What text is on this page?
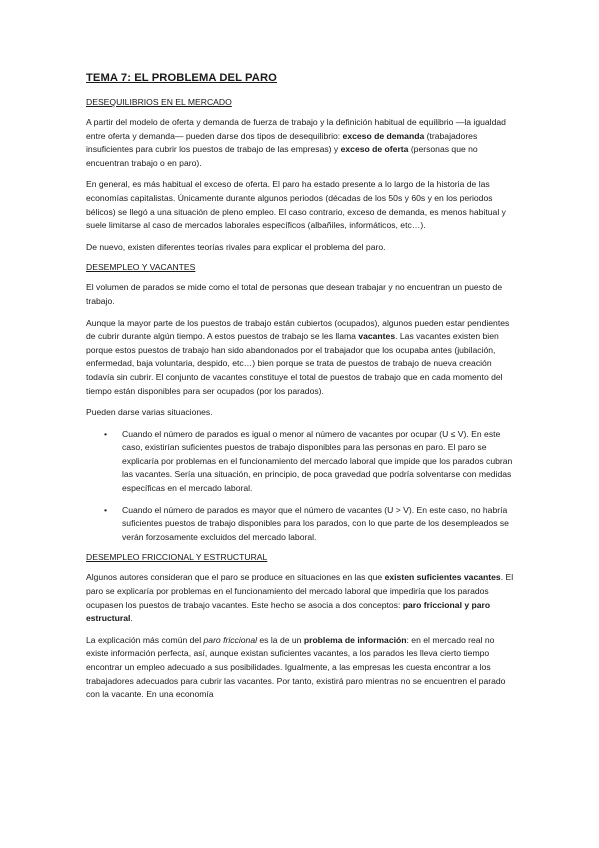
TEMA 7: EL PROBLEMA DEL PARO
DESEQUILIBRIOS EN EL MERCADO

A partir del modelo de oferta y demanda de fuerza de trabajo y la definición habitual de equilibrio —la igualdad entre oferta y demanda— pueden darse dos tipos de desequilibrio: exceso de demanda (trabajadores insuficientes para cubrir los puestos de trabajo de las empresas) y exceso de oferta (personas que no encuentran trabajo o en paro).

En general, es más habitual el exceso de oferta. El paro ha estado presente a lo largo de la historia de las economías capitalistas. Únicamente durante algunos periodos (décadas de los 50s y 60s y en los periodos bélicos) se llegó a una situación de pleno empleo. El caso contrario, exceso de demanda, es menos habitual y suele limitarse al caso de mercados laborales específicos (albañiles, informáticos, etc…).

De nuevo, existen diferentes teorías rivales para explicar el problema del paro.

DESEMPLEO Y VACANTES

El volumen de parados se mide como el total de personas que desean trabajar y no encuentran un puesto de trabajo.

Aunque la mayor parte de los puestos de trabajo están cubiertos (ocupados), algunos pueden estar pendientes de cubrir durante algún tiempo. A estos puestos de trabajo se les llama vacantes. Las vacantes existen bien porque estos puestos de trabajo han sido abandonados por el trabajador que los ocupaba antes (jubilación, enfermedad, baja voluntaria, despido, etc…) bien porque se trata de puestos de trabajo de nueva creación todavía sin cubrir. El conjunto de vacantes constituye el total de puestos de trabajo que en cada momento del tiempo están disponibles para ser ocupados (por los parados).

Pueden darse varias situaciones.

• Cuando el número de parados es igual o menor al número de vacantes por ocupar (U ≤ V). En este caso, existirían suficientes puestos de trabajo disponibles para las personas en paro. El paro se explicaría por problemas en el funcionamiento del mercado laboral que impide que los parados cubran las vacantes. Sería una situación, en principio, de poca gravedad que podría solventarse con medidas específicas en el mercado laboral.
• Cuando el número de parados es mayor que el número de vacantes (U > V). En este caso, no habría suficientes puestos de trabajo disponibles para los parados, con lo que parte de los desempleados se verán forzosamente excluidos del mercado laboral.
DESEMPLEO FRICCIONAL Y ESTRUCTURAL

Algunos autores consideran que el paro se produce en situaciones en las que existen suficientes vacantes. El paro se explicaría por problemas en el funcionamiento del mercado laboral que impediría que los parados ocupasen los puestos de trabajo vacantes. Este hecho se asocia a dos conceptos: paro friccional y paro estructural.

La explicación más común del paro friccional es la de un problema de información: en el mercado real no existe información perfecta, así, aunque existan suficientes vacantes, a los parados les lleva cierto tiempo encontrar un empleo adecuado a sus posibilidades. Igualmente, a las empresas les cuesta encontrar a los trabajadores adecuados para cubrir las vacantes. Por tanto, existirá paro mientras no se encuentren el parado con la vacante. En una economía
